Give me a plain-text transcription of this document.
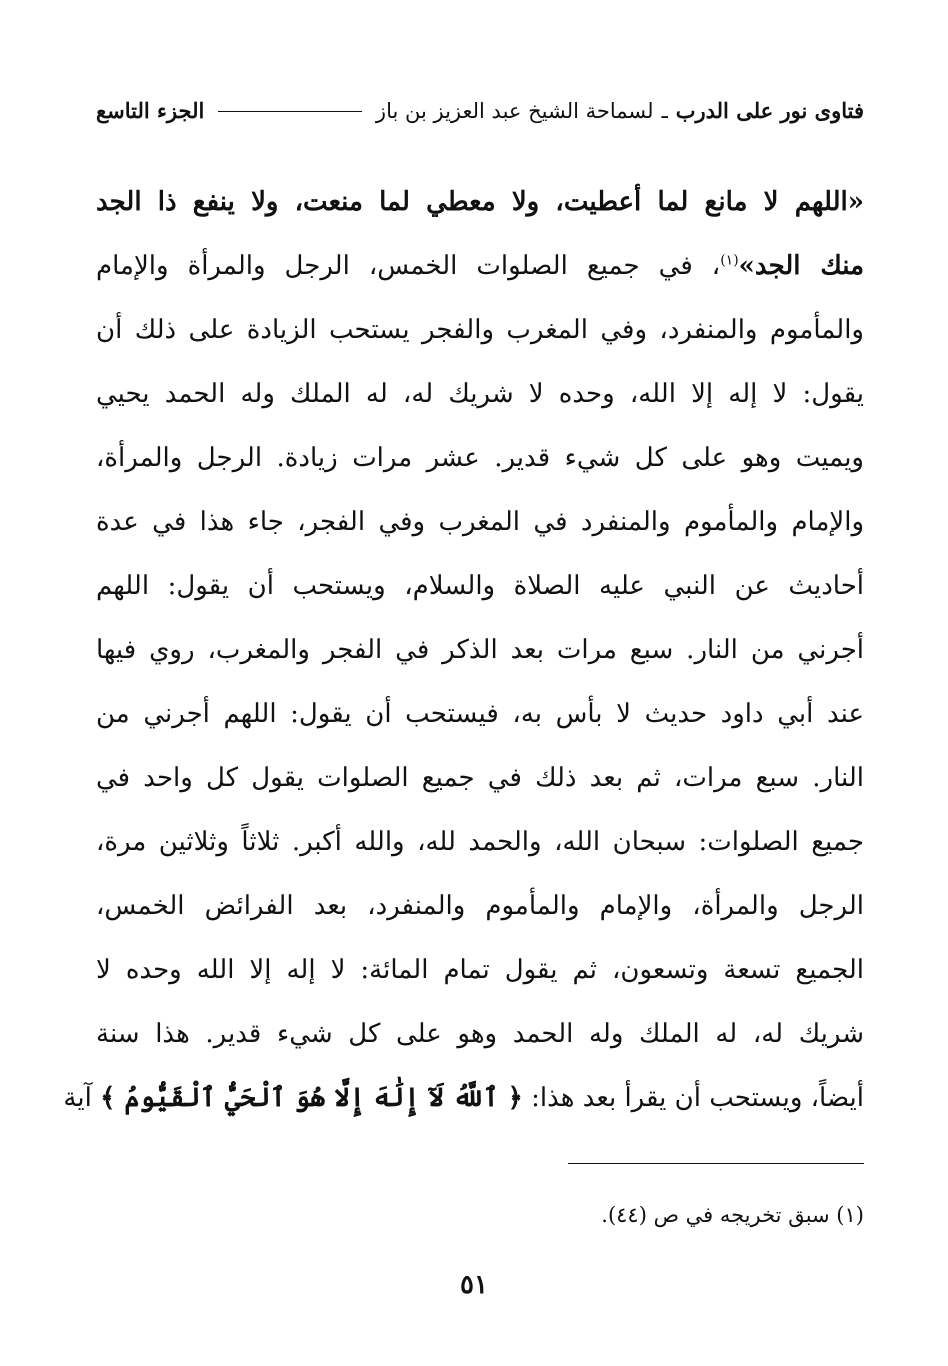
فتاوى نور على الدرب
ـ
لسماحة الشيخ عبد العزيز بن باز
الجزء التاسع
«اللهم لا مانع لما أعطيت، ولا معطي لما منعت، ولا ينفع ذا الجد
منك الجد»$^{(١)}$، في جميع الصلوات الخمس، الرجل والمرأة والإمام
والمأموم والمنفرد، وفي المغرب والفجر يستحب الزيادة على ذلك أن
يقول: لا إله إلا الله، وحده لا شريك له، له الملك وله الحمد يحيي
ويميت وهو على كل شيء قدير. عشر مرات زيادة. الرجل والمرأة،
والإمام والمأموم والمنفرد في المغرب وفي الفجر، جاء هذا في عدة
أحاديث عن النبي عليه الصلاة والسلام، ويستحب أن يقول: اللهم
أجرني من النار. سبع مرات بعد الذكر في الفجر والمغرب، روي فيها
عند أبي داود حديث لا بأس به، فيستحب أن يقول: اللهم أجرني من
النار. سبع مرات، ثم بعد ذلك في جميع الصلوات يقول كل واحد في
جميع الصلوات: سبحان الله، والحمد لله، والله أكبر. ثلاثاً وثلاثين مرة،
الرجل والمرأة، والإمام والمأموم والمنفرد، بعد الفرائض الخمس،
الجميع تسعة وتسعون، ثم يقول تمام المائة: لا إله إلا الله وحده لا
شريك له، له الملك وله الحمد وهو على كل شيء قدير. هذا سنة
أيضاً، ويستحب أن يقرأ بعد هذا: ﴿ ٱللَّهُ لَآ إِلَٰهَ إِلَّا هُوَ ٱلْحَيُّ ٱلْقَيُّومُ ﴾ آية
(١) سبق تخريجه في ص (٤٤).
٥١
